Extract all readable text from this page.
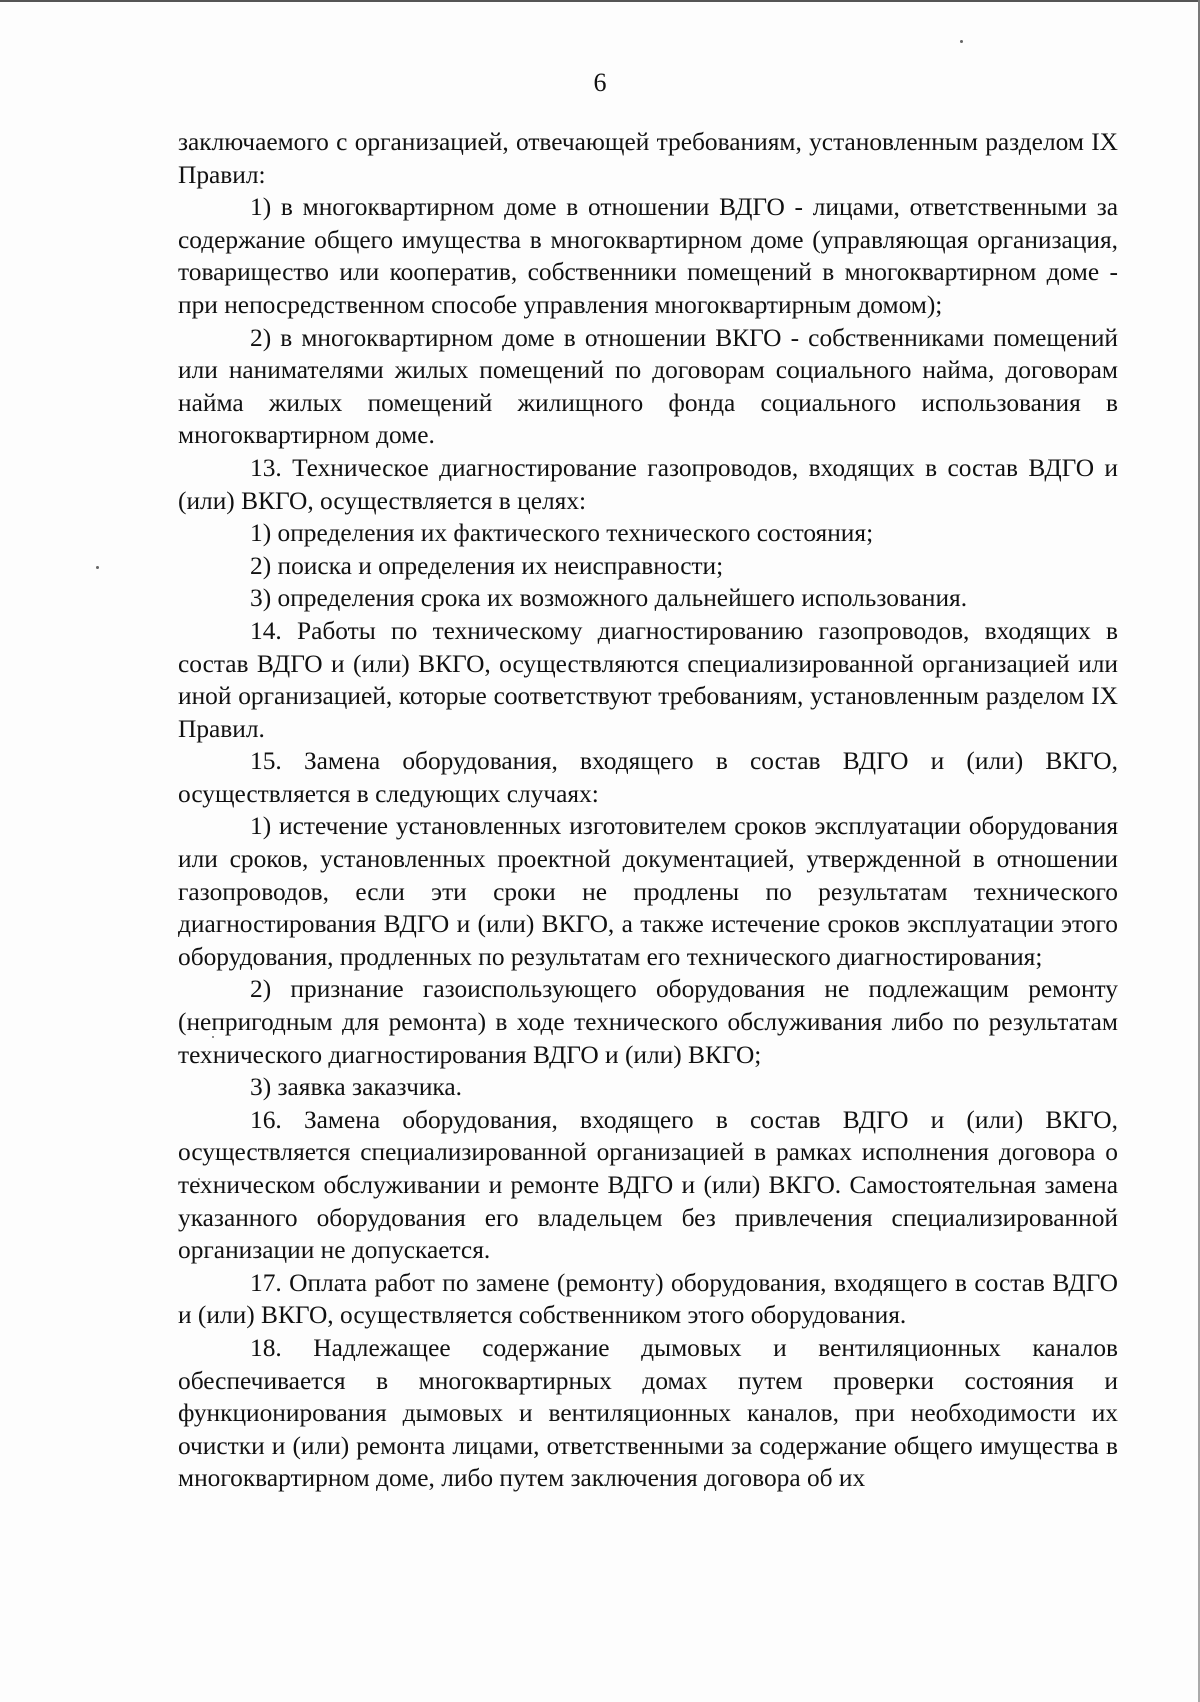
6

заключаемого с организацией, отвечающей требованиям, установленным разделом IX Правил:

1) в многоквартирном доме в отношении ВДГО - лицами, ответственными за содержание общего имущества в многоквартирном доме (управляющая организация, товарищество или кооператив, собственники помещений в многоквартирном доме - при непосредственном способе управления многоквартирным домом);

2) в многоквартирном доме в отношении ВКГО - собственниками помещений или нанимателями жилых помещений по договорам социального найма, договорам найма жилых помещений жилищного фонда социального использования в многоквартирном доме.

13. Техническое диагностирование газопроводов, входящих в состав ВДГО и (или) ВКГО, осуществляется в целях:

1) определения их фактического технического состояния;

2) поиска и определения их неисправности;

3) определения срока их возможного дальнейшего использования.

14. Работы по техническому диагностированию газопроводов, входящих в состав ВДГО и (или) ВКГО, осуществляются специализированной организацией или иной организацией, которые соответствуют требованиям, установленным разделом IX Правил.

15. Замена оборудования, входящего в состав ВДГО и (или) ВКГО, осуществляется в следующих случаях:

1) истечение установленных изготовителем сроков эксплуатации оборудования или сроков, установленных проектной документацией, утвержденной в отношении газопроводов, если эти сроки не продлены по результатам технического диагностирования ВДГО и (или) ВКГО, а также истечение сроков эксплуатации этого оборудования, продленных по результатам его технического диагностирования;

2) признание газоиспользующего оборудования не подлежащим ремонту (непригодным для ремонта) в ходе технического обслуживания либо по результатам технического диагностирования ВДГО и (или) ВКГО;

3) заявка заказчика.

16. Замена оборудования, входящего в состав ВДГО и (или) ВКГО, осуществляется специализированной организацией в рамках исполнения договора о техническом обслуживании и ремонте ВДГО и (или) ВКГО. Самостоятельная замена указанного оборудования его владельцем без привлечения специализированной организации не допускается.

17. Оплата работ по замене (ремонту) оборудования, входящего в состав ВДГО и (или) ВКГО, осуществляется собственником этого оборудования.

18. Надлежащее содержание дымовых и вентиляционных каналов обеспечивается в многоквартирных домах путем проверки состояния и функционирования дымовых и вентиляционных каналов, при необходимости их очистки и (или) ремонта лицами, ответственными за содержание общего имущества в многоквартирном доме, либо путем заключения договора об их
